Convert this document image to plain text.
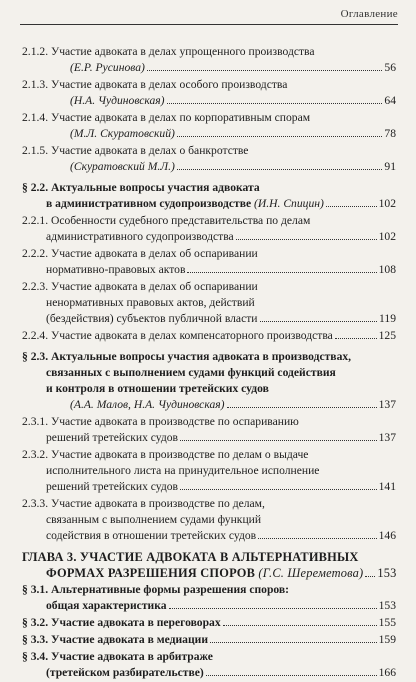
Оглавление
2.1.2. Участие адвоката в делах упрощенного производства
(Е.Р. Русинова)	56
2.1.3. Участие адвоката в делах особого производства
(Н.А. Чудиновская)	64
2.1.4. Участие адвоката в делах по корпоративным спорам
(М.Л. Скуратовский)	78
2.1.5. Участие адвоката в делах о банкротстве
(Скуратовский М.Л.)	91
§ 2.2. Актуальные вопросы участия адвоката
в административном судопроизводстве (И.Н. Спицин)	102
2.2.1. Особенности судебного представительства по делам
административного судопроизводства	102
2.2.2. Участие адвоката в делах об оспаривании
нормативно-правовых актов	108
2.2.3. Участие адвоката в делах об оспаривании
ненормативных правовых актов, действий
(бездействия) субъектов публичной власти	119
2.2.4. Участие адвоката в делах компенсаторного производства	125
§ 2.3. Актуальные вопросы участия адвоката в производствах,
связанных с выполнением судами функций содействия
и контроля в отношении третейских судов
(А.А. Малов, Н.А. Чудиновская)	137
2.3.1. Участие адвоката в производстве по оспариванию
решений третейских судов	137
2.3.2. Участие адвоката в производстве по делам о выдаче
исполнительного листа на принудительное исполнение
решений третейских судов	141
2.3.3. Участие адвоката в производстве по делам,
связанным с выполнением судами функций
содействия в отношении третейских судов	146
ГЛАВА 3. УЧАСТИЕ АДВОКАТА В АЛЬТЕРНАТИВНЫХ
ФОРМАХ РАЗРЕШЕНИЯ СПОРОВ (Г.С. Шереметова) 153
§ 3.1. Альтернативные формы разрешения споров:
общая характеристика	153
§ 3.2. Участие адвоката в переговорах	155
§ 3.3. Участие адвоката в медиации	159
§ 3.4. Участие адвоката в арбитраже
(третейском разбирательстве)	166
